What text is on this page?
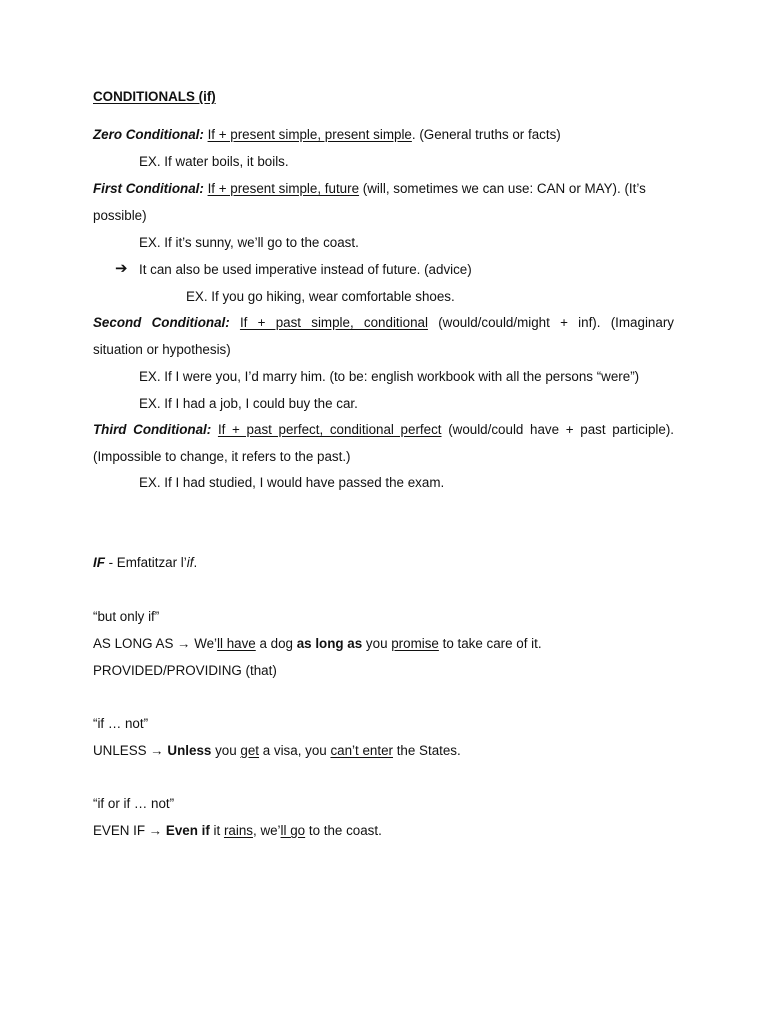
CONDITIONALS (if)
Zero Conditional: If + present simple, present simple. (General truths or facts)
EX. If water boils, it boils.
First Conditional: If + present simple, future (will, sometimes we can use: CAN or MAY). (It’s
possible)
EX. If it’s sunny, we’ll go to the coast.
➔ It can also be used imperative instead of future. (advice)
EX. If you go hiking, wear comfortable shoes.
Second Conditional: If + past simple, conditional (would/could/might + inf). (Imaginary
situation or hypothesis)
EX. If I were you, I’d marry him. (to be: english workbook with all the persons “were”)
EX. If I had a job, I could buy the car.
Third Conditional: If + past perfect, conditional perfect (would/could have + past participle).
(Impossible to change, it refers to the past.)
EX. If I had studied, I would have passed the exam.
IF - Emfatitzar l’if.
“but only if”
AS LONG AS → We’ll have a dog as long as you promise to take care of it.
PROVIDED/PROVIDING (that)
“if … not”
UNLESS → Unless you get a visa, you can’t enter the States.
“if or if … not”
EVEN IF → Even if it rains, we’ll go to the coast.
